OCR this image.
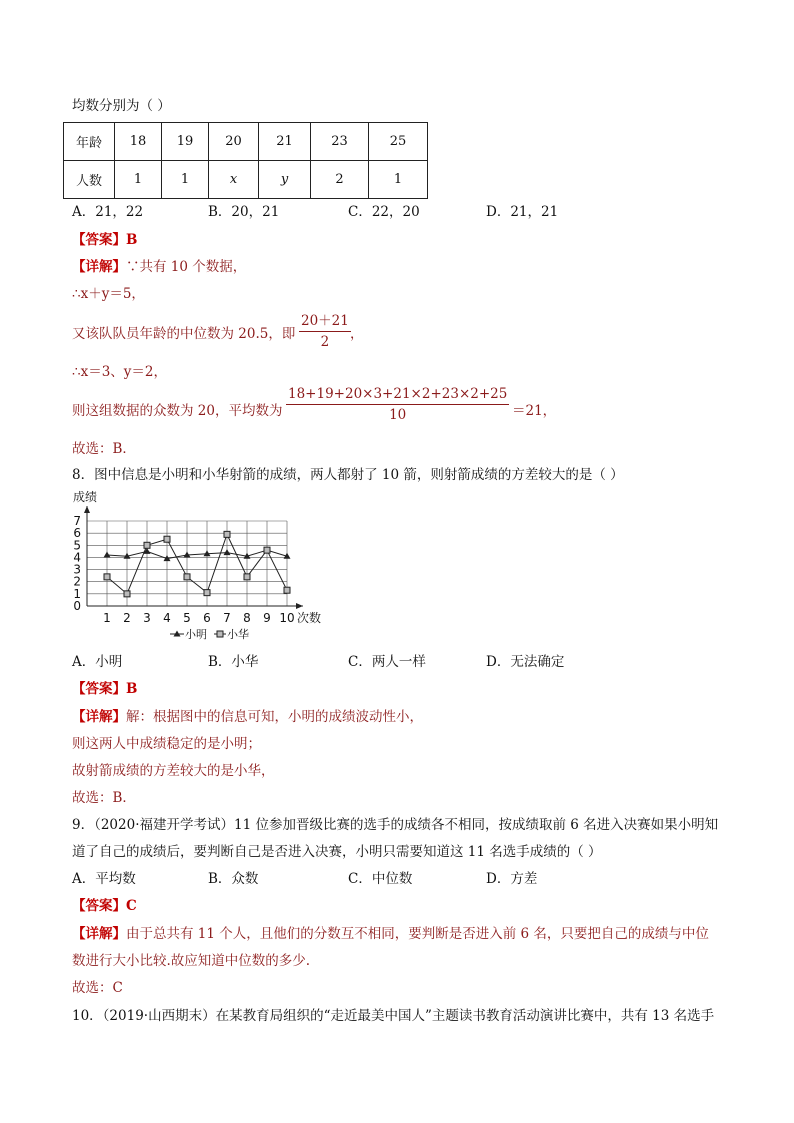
均数分别为（ ）
年龄	18	19	20	21	23	25
人数	1	1	x	y	2	1
A．21，22	B．20，21	C．22，20	D．21，21
【答案】B
【详解】∵共有 10 个数据，
∴x＋y＝5，
又该队队员年龄的中位数为 20.5，即
20＋21
2	，
∴x＝3、y＝2，
则这组数据的众数为 20，平均数为
18+19+20×3+21×2+23×2+25
10	＝21，
故选：B．
8．图中信息是小明和小华射箭的成绩，两人都射了 10 箭，则射箭成绩的方差较大的是（ ）
0
1
2
3
4
5
6
7
1 2 3 4 5 6 7 8 9 10
成绩
次数
小明 小华
A．小明	B．小华	C．两人一样	D．无法确定
【答案】B
【详解】解：根据图中的信息可知，小明的成绩波动性小，
则这两人中成绩稳定的是小明；
故射箭成绩的方差较大的是小华，
故选：B．
9．（2020·福建开学考试）11 位参加晋级比赛的选手的成绩各不相同，按成绩取前 6 名进入决赛如果小明知
道了自己的成绩后，要判断自己是否进入决赛，小明只需要知道这 11 名选手成绩的（ ）
A．平均数	B．众数	C．中位数	D．方差
【答案】C
【详解】由于总共有 11 个人，且他们的分数互不相同，要判断是否进入前 6 名，只要把自己的成绩与中位
数进行大小比较.故应知道中位数的多少.
故选：C
10．（2019·山西期末）在某教育局组织的“走近最美中国人”主题读书教育活动演讲比赛中，共有 13 名选手
